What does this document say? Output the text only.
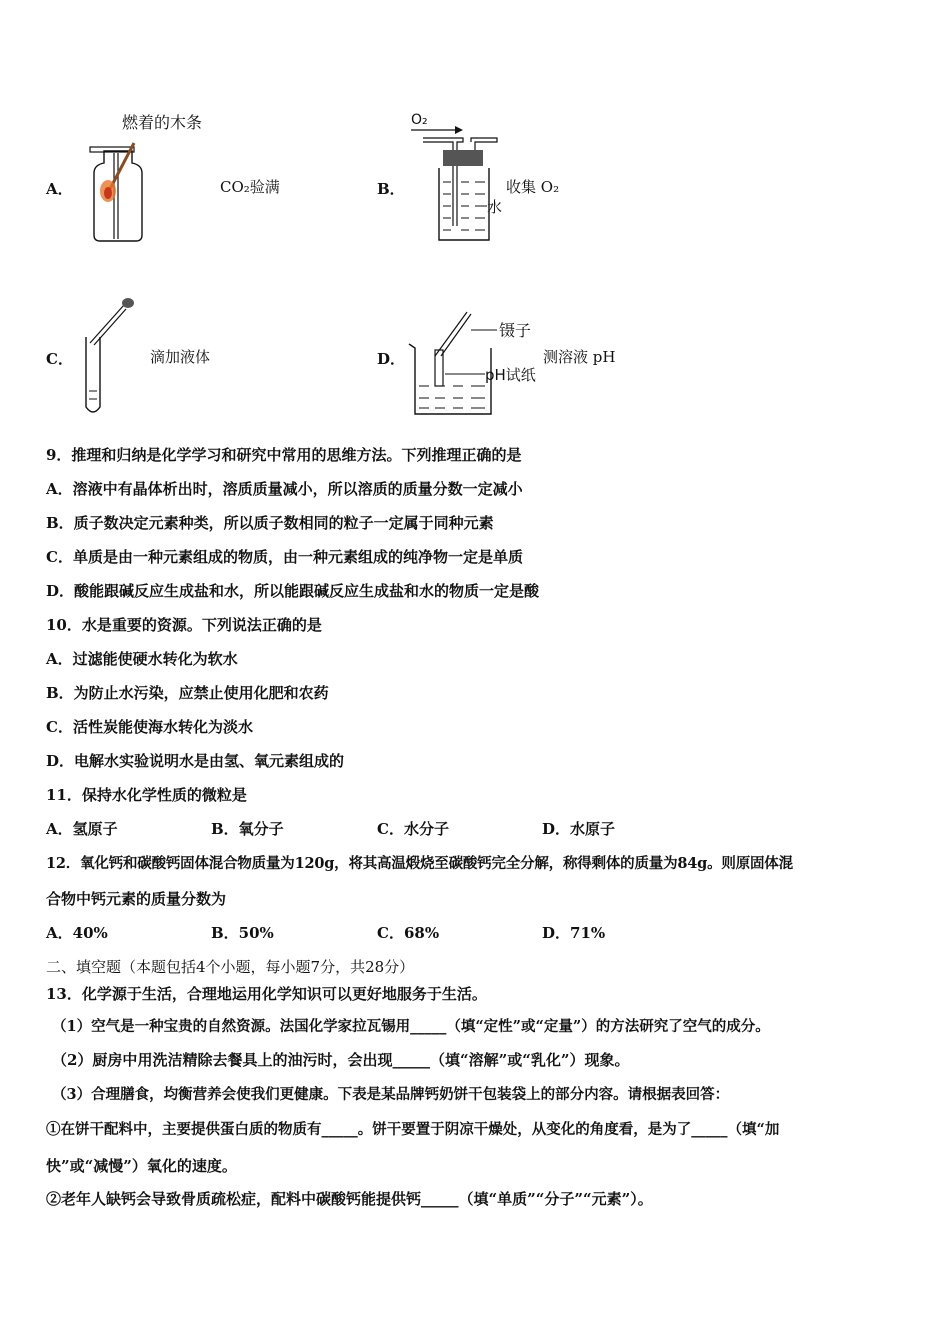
A．
燃着的木条
CO₂验满	B．
O₂
水
收集 O₂
C．	滴加液体	D．
镊子
pH试纸
测溶液 pH
9．推理和归纳是化学学习和研究中常用的思维方法。下列推理正确的是
A．溶液中有晶体析出时，溶质质量减小，所以溶质的质量分数一定减小
B．质子数决定元素种类，所以质子数相同的粒子一定属于同种元素
C．单质是由一种元素组成的物质，由一种元素组成的纯净物一定是单质
D．酸能跟碱反应生成盐和水，所以能跟碱反应生成盐和水的物质一定是酸
10．水是重要的资源。下列说法正确的是
A．过滤能使硬水转化为软水
B．为防止水污染，应禁止使用化肥和农药
C．活性炭能使海水转化为淡水
D．电解水实验说明水是由氢、氧元素组成的
11．保持水化学性质的微粒是
A．氢原子	B．氧分子	C．水分子	D．水原子
12．氧化钙和碳酸钙固体混合物质量为120g，将其高温煅烧至碳酸钙完全分解，称得剩体的质量为84g。则原固体混
合物中钙元素的质量分数为
A．40%	B．50%	C．68%	D．71%
二、填空题（本题包括4个小题，每小题7分，共28分）
13．化学源于生活，合理地运用化学知识可以更好地服务于生活。
（1）空气是一种宝贵的自然资源。法国化学家拉瓦锡用_____（填“定性”或“定量”）的方法研究了空气的成分。
（2）厨房中用洗洁精除去餐具上的油污时，会出现_____（填“溶解”或“乳化”）现象。
（3）合理膳食，均衡营养会使我们更健康。下表是某品牌钙奶饼干包装袋上的部分内容。请根据表回答：
①在饼干配料中，主要提供蛋白质的物质有_____。饼干要置于阴凉干燥处，从变化的角度看，是为了_____（填“加
快”或“减慢”）氧化的速度。
②老年人缺钙会导致骨质疏松症，配料中碳酸钙能提供钙_____（填“单质”“分子”“元素”）。
